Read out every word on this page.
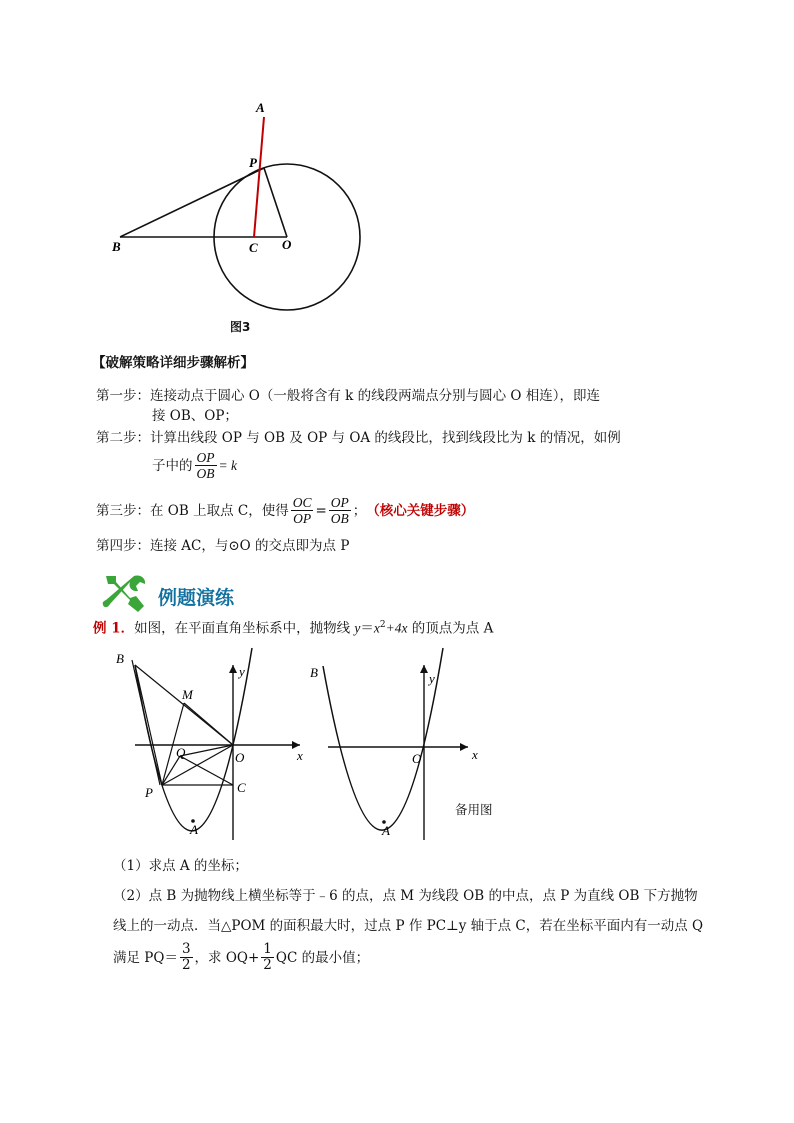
A
P
B	C O
图3
【破解策略详细步骤解析】
第一步：连接动点于圆心 O（一般将含有 k 的线段两端点分别与圆心 O 相连），即连
接 OB、OP；
第二步：计算出线段 OP 与 OB 及 OP 与 OA 的线段比，找到线段比为 k 的情况，如例
子中的 $\frac{OP}{OB} = k$
第三步： 在 OB 上取点 C，使得 $\frac{OC}{OP} = \frac{OP}{OB}$ ； （核心关键步骤）
第四步：连接 AC，与⊙O 的交点即为点 P
例题演练
例 1．如图，在平面直角坐标系中，抛物线 $y=x^2+4x$ 的顶点为点 A
B
M
y
x
Q	O
P	C
A
B	y
x
O
A
备用图
（1）求点 A 的坐标；
（2）点 B 为抛物线上横坐标等于﹣6 的点，点 M 为线段 OB 的中点，点 P 为直线 OB 下方抛物
线上的一动点．当△POM 的面积最大时，过点 P 作 PC⊥y 轴于点 C，若在坐标平面内有一动点 Q
满足 $PQ= \frac{3}{2}$ ，求 $OQ+ \frac{1}{2}$ QC 的最小值；
